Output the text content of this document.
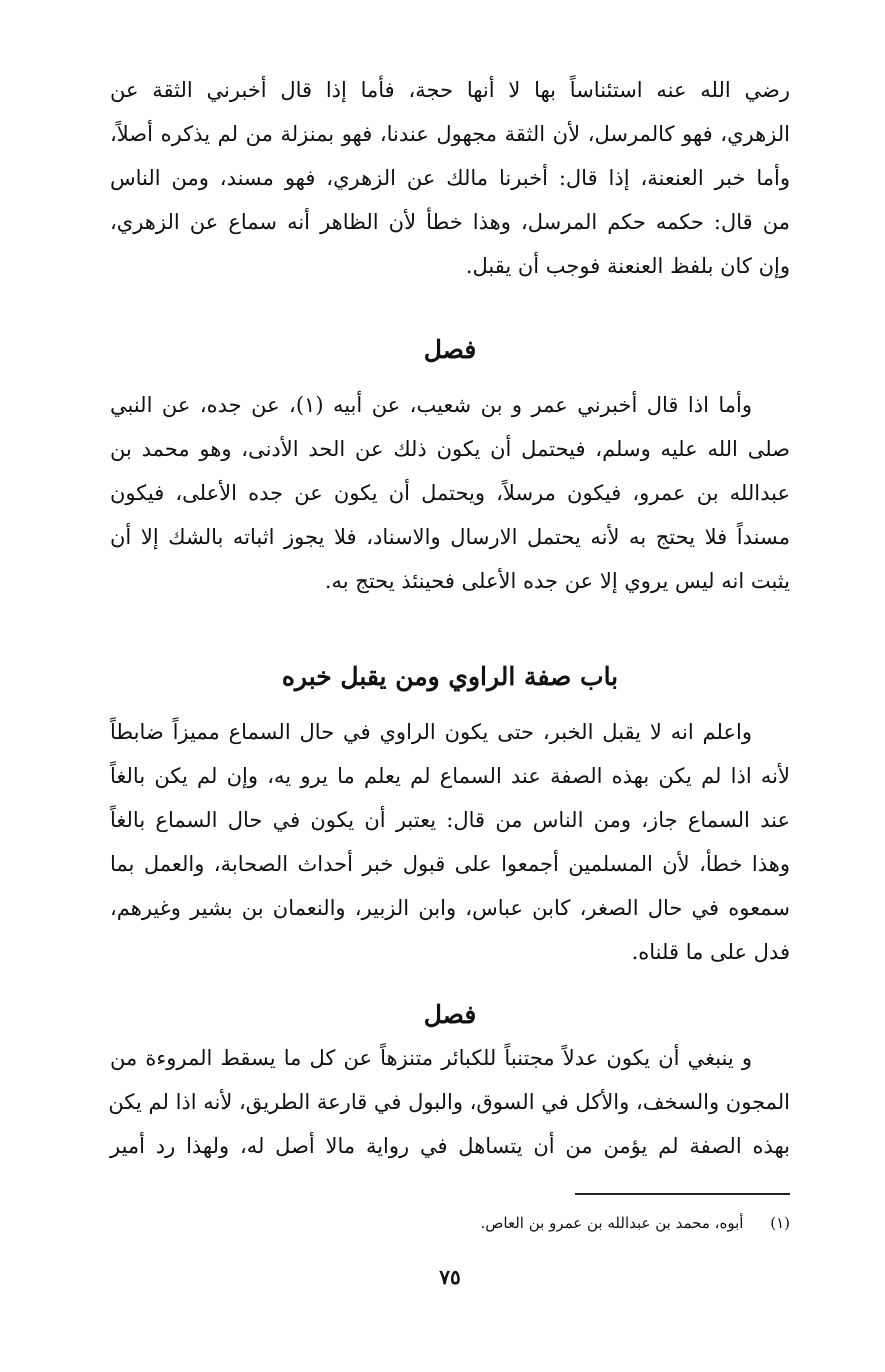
رضي الله عنه استئناساً بها لا أنها حجة، فأما إذا قال أخبرني الثقة عن
الزهري، فهو كالمرسل، لأن الثقة مجهول عندنا، فهو بمنزلة من لم يذكره أصلاً،
وأما خبر العنعنة، إذا قال: أخبرنا مالك عن الزهري، فهو مسند، ومن الناس
من قال: حكمه حكم المرسل، وهذا خطأ لأن الظاهر أنه سماع عن الزهري،
وإن كان بلفظ العنعنة فوجب أن يقبل.
فصل
وأما اذا قال أخبرني عمر و بن شعيب، عن أبيه (١)، عن جده، عن النبي
صلى الله عليه وسلم، فيحتمل أن يكون ذلك عن الحد الأدنى، وهو محمد بن
عبدالله بن عمرو، فيكون مرسلاً، ويحتمل أن يكون عن جده الأعلى، فيكون
مسنداً فلا يحتج به لأنه يحتمل الارسال والاسناد، فلا يجوز اثباته بالشك إلا أن
يثبت انه ليس يروي إلا عن جده الأعلى فحينئذ يحتج به.
باب صفة الراوي ومن يقبل خبره
واعلم انه لا يقبل الخبر، حتى يكون الراوي في حال السماع مميزاً ضابطاً
لأنه اذا لم يكن بهذه الصفة عند السماع لم يعلم ما يرو يه، وإن لم يكن بالغاً
عند السماع جاز، ومن الناس من قال: يعتبر أن يكون في حال السماع بالغاً
وهذا خطأ، لأن المسلمين أجمعوا على قبول خبر أحداث الصحابة، والعمل بما
سمعوه في حال الصغر، كابن عباس، وابن الزبير، والنعمان بن بشير وغيرهم،
فدل على ما قلناه.
فصل
و ينبغي أن يكون عدلاً مجتنباً للكبائر متنزهاً عن كل ما يسقط المروءة من
المجون والسخف، والأكل في السوق، والبول في قارعة الطريق، لأنه اذا لم يكن
بهذه الصفة لم يؤمن من أن يتساهل في رواية مالا أصل له، ولهذا رد أمير
(١) أبوه، محمد بن عبدالله بن عمرو بن العاص.
٧٥
